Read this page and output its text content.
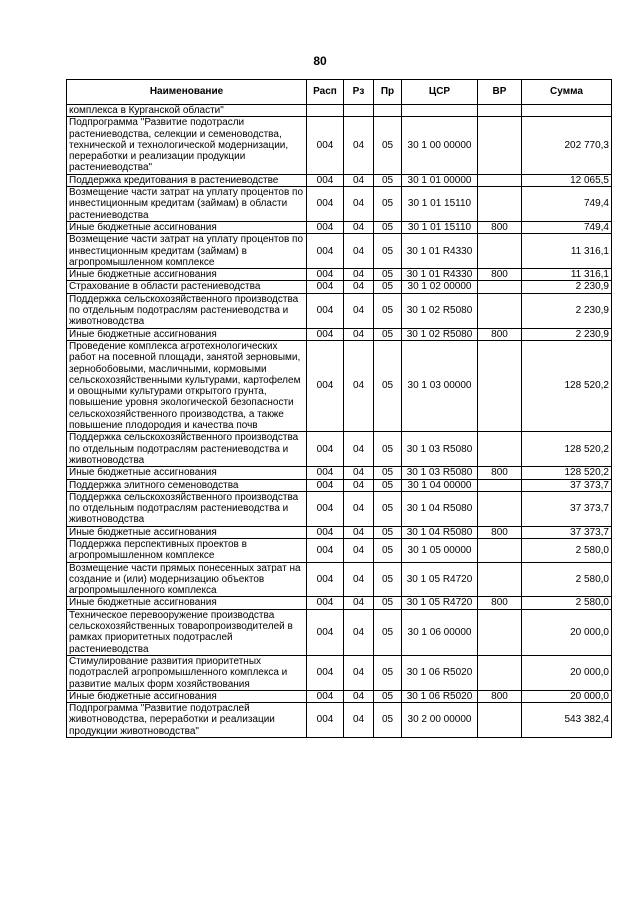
80
Наименование	Расп	Рз	Пр	ЦСР	ВР	Сумма
комплекса в Курганской области"						
Подпрограмма "Развитие подотрасли растениеводства, селекции и семеноводства, технической и технологической модернизации, переработки и реализации продукции растениеводства"	004	04	05	30 1 00 00000		202 770,3
Поддержка кредитования в растениеводстве	004	04	05	30 1 01 00000		12 065,5
Возмещение части затрат на уплату процентов по инвестиционным кредитам (займам) в области растениеводства	004	04	05	30 1 01 15110		749,4
Иные бюджетные ассигнования	004	04	05	30 1 01 15110	800	749,4
Возмещение части затрат на уплату процентов по инвестиционным кредитам (займам) в агропромышленном комплексе	004	04	05	30 1 01 R4330		11 316,1
Иные бюджетные ассигнования	004	04	05	30 1 01 R4330	800	11 316,1
Страхование в области растениеводства	004	04	05	30 1 02 00000		2 230,9
Поддержка сельскохозяйственного производства по отдельным подотраслям растениеводства и животноводства	004	04	05	30 1 02 R5080		2 230,9
Иные бюджетные ассигнования	004	04	05	30 1 02 R5080	800	2 230,9
Проведение комплекса агротехнологических работ на посевной площади, занятой зерновыми, зернобобовыми, масличными, кормовыми сельскохозяйственными культурами, картофелем и овощными культурами открытого грунта, повышение уровня экологической безопасности сельскохозяйственного производства, а также повышение плодородия и качества почв	004	04	05	30 1 03 00000		128 520,2
Поддержка сельскохозяйственного производства по отдельным подотраслям растениеводства и животноводства	004	04	05	30 1 03 R5080		128 520,2
Иные бюджетные ассигнования	004	04	05	30 1 03 R5080	800	128 520,2
Поддержка элитного семеноводства	004	04	05	30 1 04 00000		37 373,7
Поддержка сельскохозяйственного производства по отдельным подотраслям растениеводства и животноводства	004	04	05	30 1 04 R5080		37 373,7
Иные бюджетные ассигнования	004	04	05	30 1 04 R5080	800	37 373,7
Поддержка перспективных проектов в агропромышленном комплексе	004	04	05	30 1 05 00000		2 580,0
Возмещение части прямых понесенных затрат на создание и (или) модернизацию объектов агропромышленного комплекса	004	04	05	30 1 05 R4720		2 580,0
Иные бюджетные ассигнования	004	04	05	30 1 05 R4720	800	2 580,0
Техническое перевооружение производства сельскохозяйственных товаропроизводителей в рамках приоритетных подотраслей растениеводства	004	04	05	30 1 06 00000		20 000,0
Стимулирование развития приоритетных подотраслей агропромышленного комплекса и развитие малых форм хозяйствования	004	04	05	30 1 06 R5020		20 000,0
Иные бюджетные ассигнования	004	04	05	30 1 06 R5020	800	20 000,0
Подпрограмма "Развитие подотраслей животноводства, переработки и реализации продукции животноводства"	004	04	05	30 2 00 00000		543 382,4
